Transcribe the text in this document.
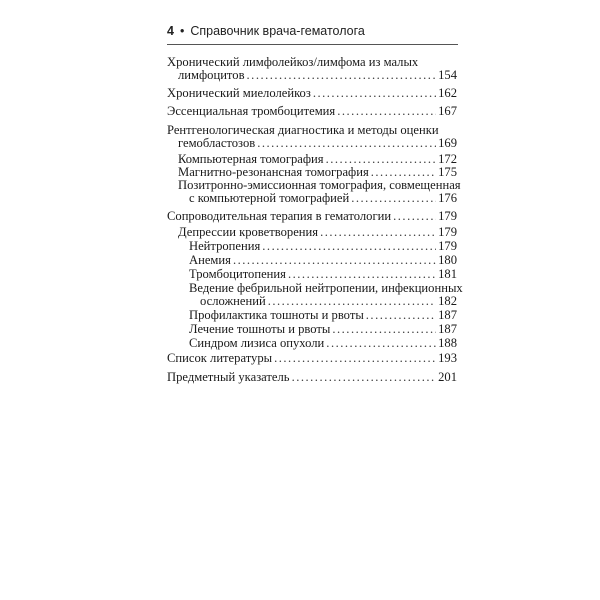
4 • Справочник врача-гематолога
Хронический лимфолейкоз/лимфома из малых
лимфоцитов .....	154
Хронический миелолейкоз .....	162
Эссенциальная тромбоцитемия .....	167
Рентгенологическая диагностика и методы оценки
гемобластозов .....	169
Компьютерная томография .....	172
Магнитно-резонансная томография .....	175
Позитронно-эмиссионная томография, совмещенная
с компьютерной томографией .....	176
Сопроводительная терапия в гематологии .....	179
Депрессии кроветворения .....	179
Нейтропения .....	179
Анемия .....	180
Тромбоцитопения .....	181
Ведение фебрильной нейтропении, инфекционных
осложнений .....	182
Профилактика тошноты и рвоты .....	187
Лечение тошноты и рвоты .....	187
Синдром лизиса опухоли .....	188
Список литературы .....	193
Предметный указатель .....	201
